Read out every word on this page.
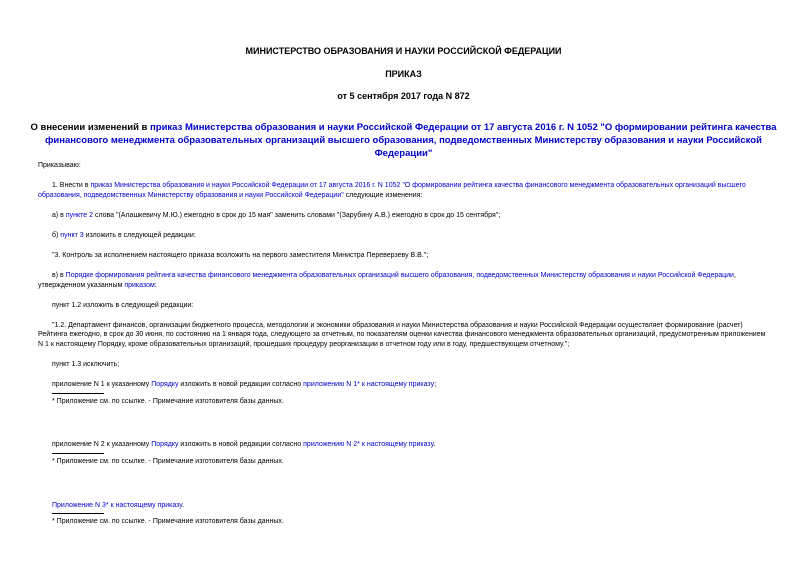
МИНИСТЕРСТВО ОБРАЗОВАНИЯ И НАУКИ РОССИЙСКОЙ ФЕДЕРАЦИИ
ПРИКАЗ
от 5 сентября 2017 года N 872
О внесении изменений в приказ Министерства образования и науки Российской Федерации от 17 августа 2016 г. N 1052 "О формировании рейтинга качества финансового менеджмента образовательных организаций высшего образования, подведомственных Министерству образования и науки Российской Федерации"

Приказываю:

1. Внести в приказ Министерства образования и науки Российской Федерации от 17 августа 2016 г. N 1052 "О формировании рейтинга качества финансового менеджмента образовательных организаций высшего образования, подведомственных Министерству образования и науки Российской Федерации" следующие изменения:

а) в пункте 2 слова "(Алашкевичу М.Ю.) ежегодно в срок до 15 мая" заменить словами "(Зарубину А.В.) ежегодно в срок до 15 сентября";

б) пункт 3 изложить в следующей редакции:

"3. Контроль за исполнением настоящего приказа возложить на первого заместителя Министра Переверзеву В.В.";

в) в Порядке формирования рейтинга качества финансового менеджмента образовательных организаций высшего образования, подведомственных Министерству образования и науки Российской Федерации, утвержденном указанным приказом:

пункт 1.2 изложить в следующей редакции:

"1.2. Департамент финансов, организации бюджетного процесса, методологии и экономики образования и науки Министерства образования и науки Российской Федерации осуществляет формирование (расчет) Рейтинга ежегодно, в срок до 30 июня, по состоянию на 1 января года, следующего за отчетным, по показателям оценки качества финансового менеджмента образовательных организаций, предусмотренным приложением N 1 к настоящему Порядку, кроме образовательных организаций, прошедших процедуру реорганизации в отчетном году или в году, предшествующем отчетному.";

пункт 1.3 исключить;

приложение N 1 к указанному Порядку изложить в новой редакции согласно приложению N 1* к настоящему приказу;

* Приложение см. по ссылке. - Примечание изготовителя базы данных.

приложение N 2 к указанному Порядку изложить в новой редакции согласно приложению N 2* к настоящему приказу.

* Приложение см. по ссылке. - Примечание изготовителя базы данных.

Приложение N 3* к настоящему приказу.

* Приложение см. по ссылке. - Примечание изготовителя базы данных.
